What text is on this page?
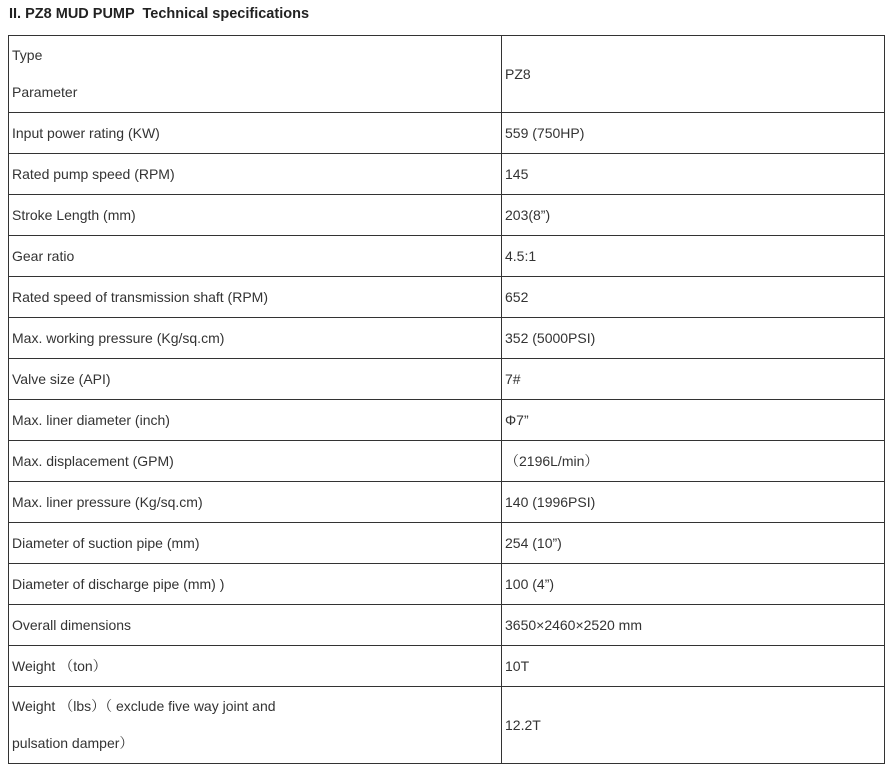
II. PZ8 MUD PUMP  Technical specifications
Type
Parameter	PZ8
Input power rating (KW)	559 (750HP)
Rated pump speed (RPM)	145
Stroke Length (mm)	203(8”)
Gear ratio	4.5:1
Rated speed of transmission shaft (RPM)	652
Max. working pressure (Kg/sq.cm)	352 (5000PSI)
Valve size (API)	7#
Max. liner diameter (inch)	Φ7”
Max. displacement (GPM)	（2196L/min）
Max. liner pressure (Kg/sq.cm)	140 (1996PSI)
Diameter of suction pipe (mm)	254 (10”)
Diameter of discharge pipe (mm) )	100 (4”)
Overall dimensions	3650×2460×2520 mm
Weight （ton）	10T

Weight （lbs）（ exclude five way joint and
pulsation damper）	12.2T
